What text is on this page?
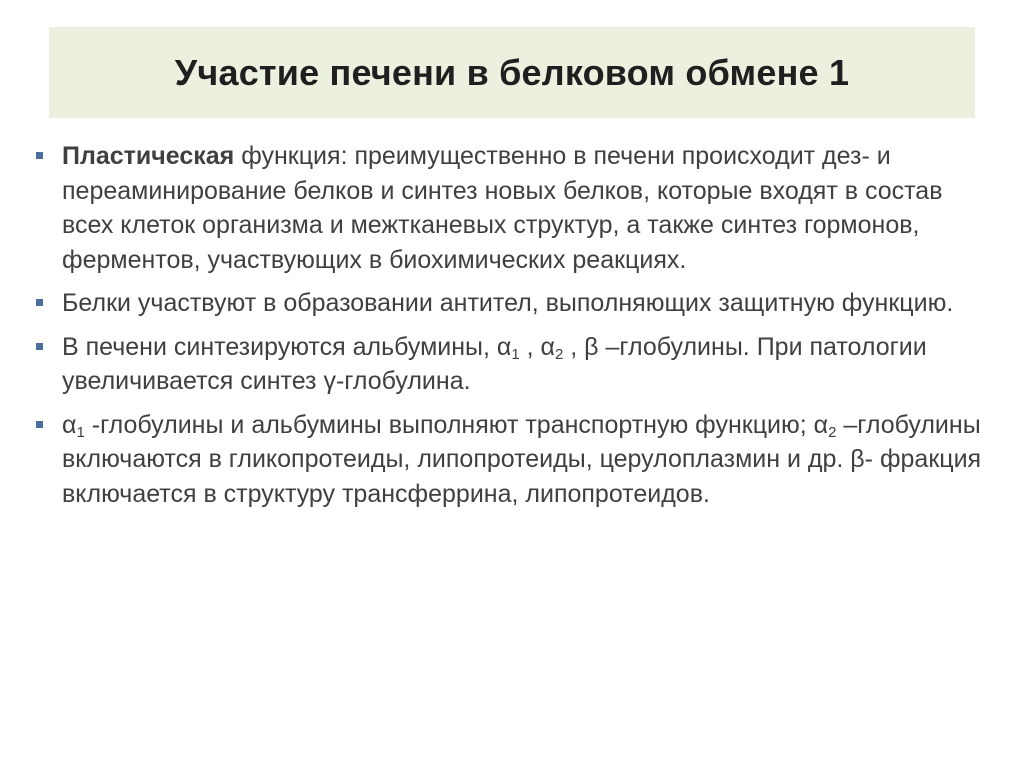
Участие печени в белковом обмене 1
Пластическая функция: преимущественно в печени происходит дез- и переаминирование белков и синтез новых белков, которые входят в состав всех клеток организма и межтканевых структур, а также синтез гормонов, ферментов, участвующих в биохимических реакциях.
Белки участвуют в образовании антител, выполняющих защитную функцию.
В печени синтезируются альбумины, $\alpha_1$ , $\alpha_2$ , β –глобулины. При патологии увеличивается синтез γ-глобулина.
$\alpha_1$ -глобулины и альбумины выполняют транспортную функцию; $\alpha_2$ –глобулины включаются в гликопротеиды, липопротеиды, церулоплазмин и др. β- фракция включается в структуру трансферрина, липопротеидов.
